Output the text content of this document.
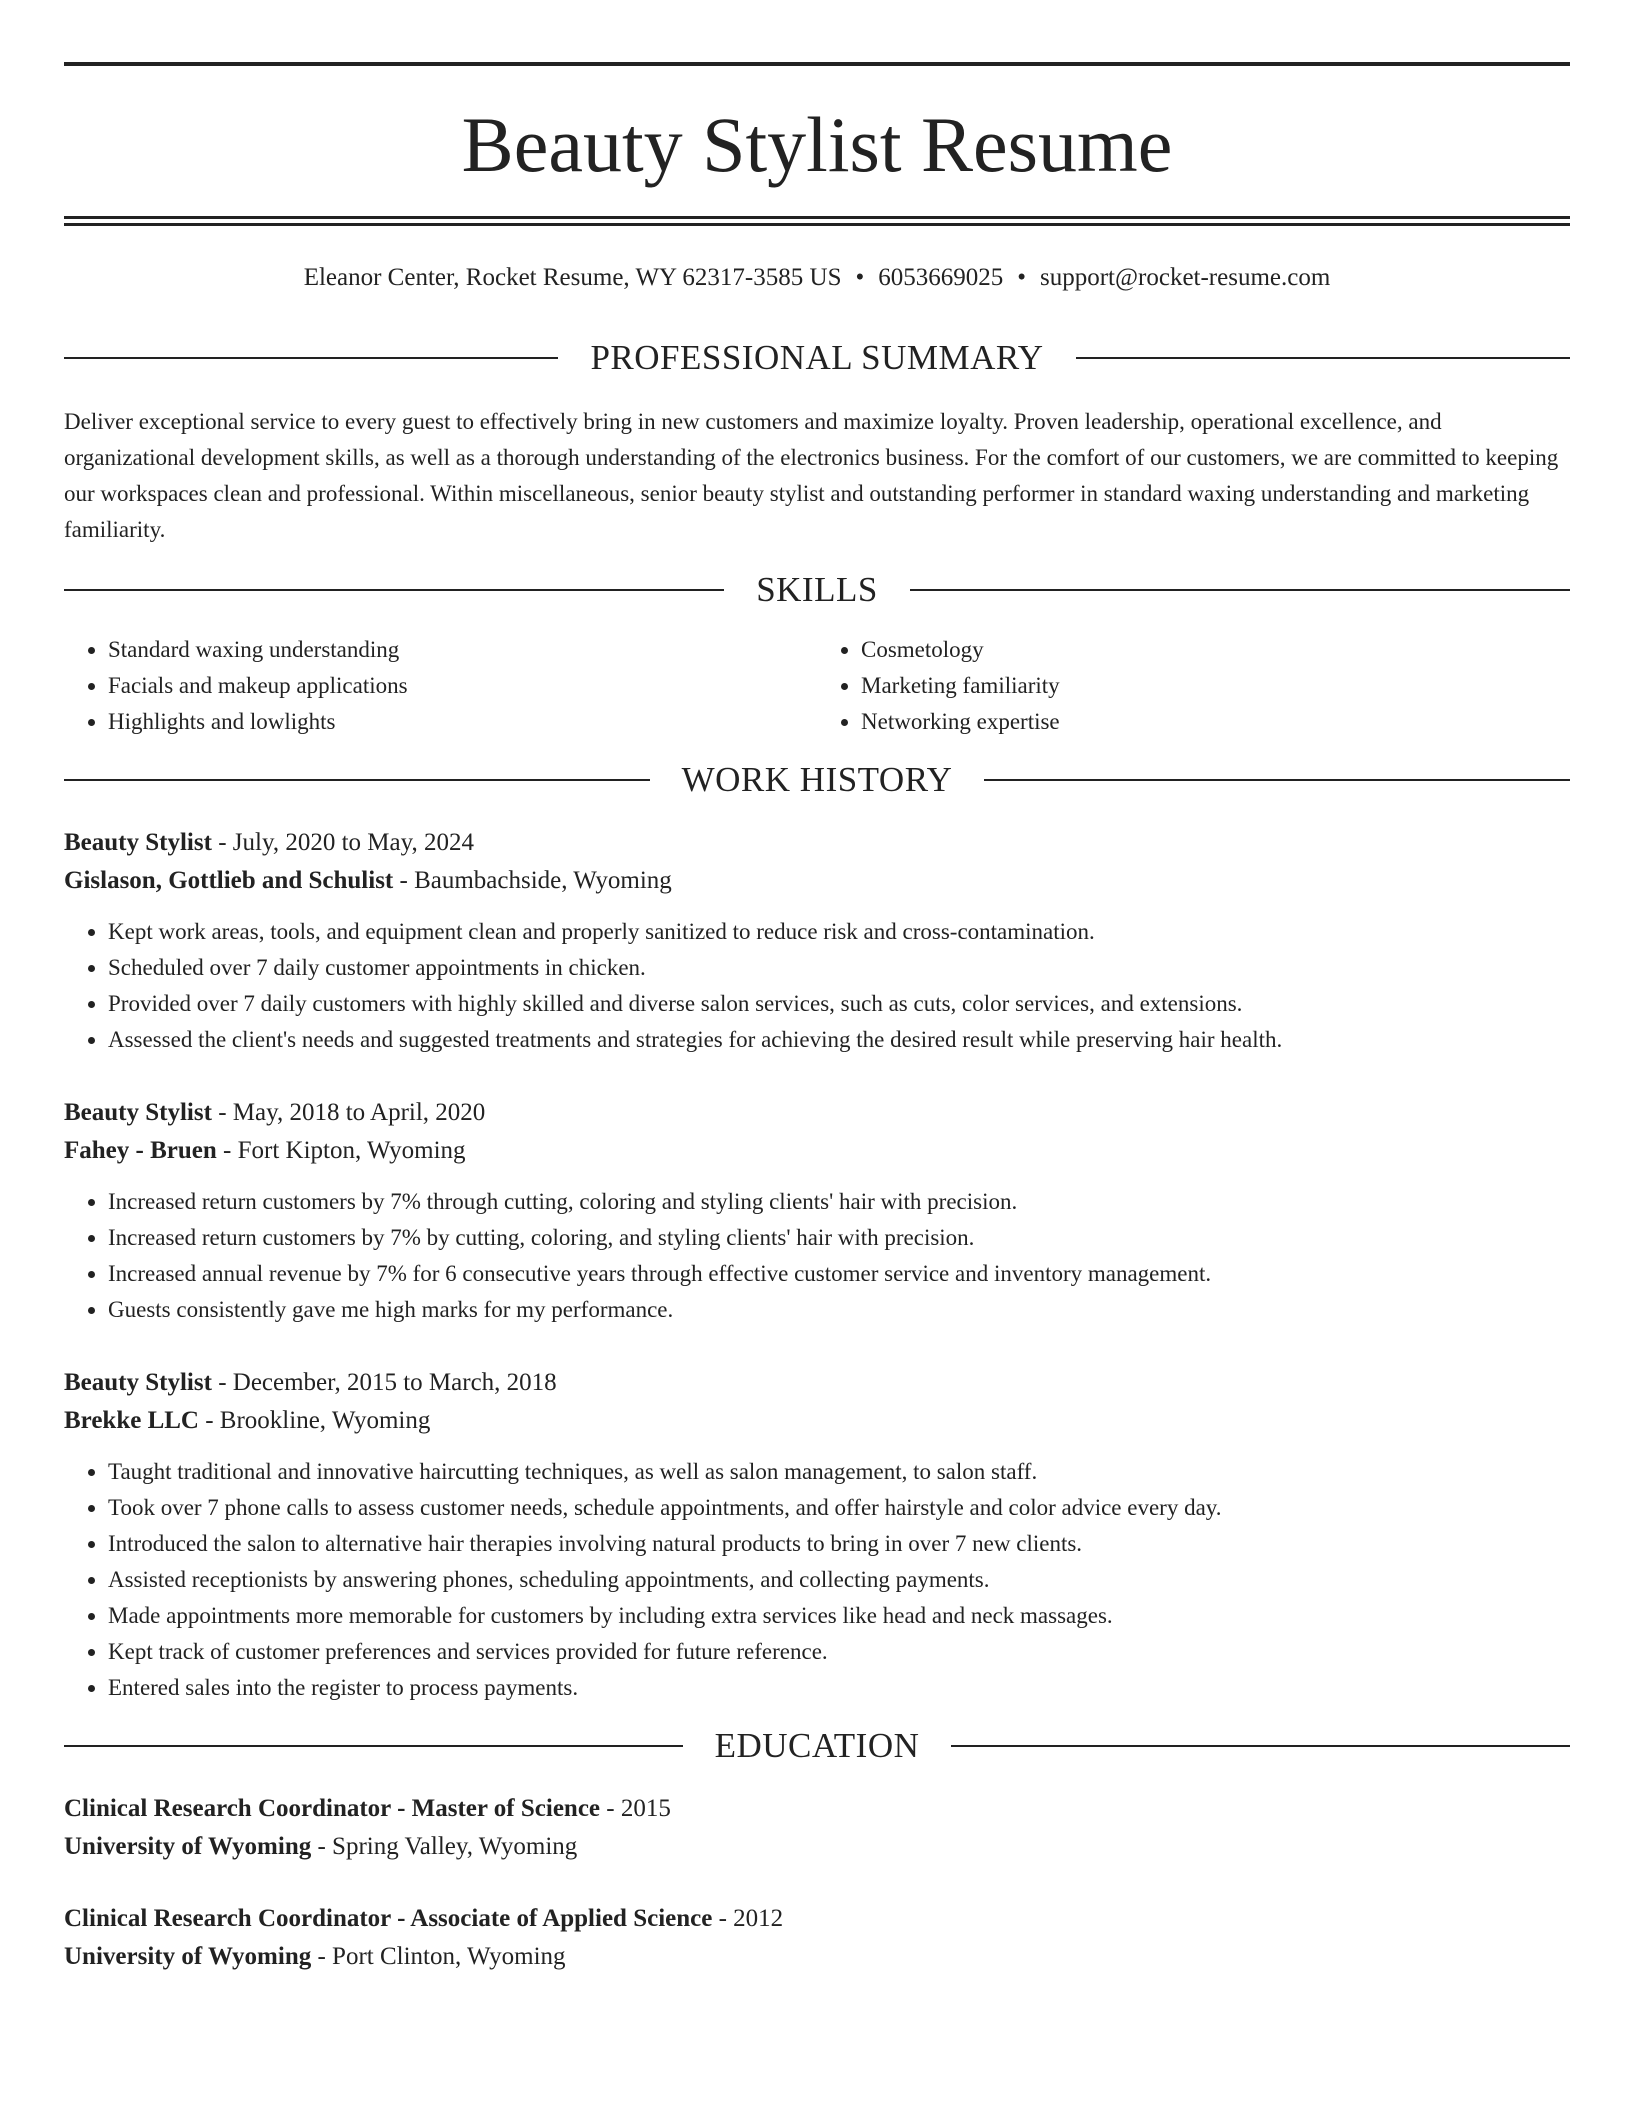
Beauty Stylist Resume
Eleanor Center, Rocket Resume, WY 62317-3585 US • 6053669025 • support@rocket-resume.com
PROFESSIONAL SUMMARY
Deliver exceptional service to every guest to effectively bring in new customers and maximize loyalty. Proven leadership, operational excellence, and organizational development skills, as well as a thorough understanding of the electronics business. For the comfort of our customers, we are committed to keeping our workspaces clean and professional. Within miscellaneous, senior beauty stylist and outstanding performer in standard waxing understanding and marketing familiarity.
SKILLS
• Standard waxing understanding
• Facials and makeup applications
• Highlights and lowlights
• Cosmetology
• Marketing familiarity
• Networking expertise
WORK HISTORY
Beauty Stylist - July, 2020 to May, 2024
Gislason, Gottlieb and Schulist - Baumbachside, Wyoming
• Kept work areas, tools, and equipment clean and properly sanitized to reduce risk and cross-contamination.
• Scheduled over 7 daily customer appointments in chicken.
• Provided over 7 daily customers with highly skilled and diverse salon services, such as cuts, color services, and extensions.
• Assessed the client's needs and suggested treatments and strategies for achieving the desired result while preserving hair health.
Beauty Stylist - May, 2018 to April, 2020
Fahey - Bruen - Fort Kipton, Wyoming
• Increased return customers by 7% through cutting, coloring and styling clients' hair with precision.
• Increased return customers by 7% by cutting, coloring, and styling clients' hair with precision.
• Increased annual revenue by 7% for 6 consecutive years through effective customer service and inventory management.
• Guests consistently gave me high marks for my performance.
Beauty Stylist - December, 2015 to March, 2018
Brekke LLC - Brookline, Wyoming
• Taught traditional and innovative haircutting techniques, as well as salon management, to salon staff.
• Took over 7 phone calls to assess customer needs, schedule appointments, and offer hairstyle and color advice every day.
• Introduced the salon to alternative hair therapies involving natural products to bring in over 7 new clients.
• Assisted receptionists by answering phones, scheduling appointments, and collecting payments.
• Made appointments more memorable for customers by including extra services like head and neck massages.
• Kept track of customer preferences and services provided for future reference.
• Entered sales into the register to process payments.
EDUCATION
Clinical Research Coordinator - Master of Science - 2015
University of Wyoming - Spring Valley, Wyoming
Clinical Research Coordinator - Associate of Applied Science - 2012
University of Wyoming - Port Clinton, Wyoming
